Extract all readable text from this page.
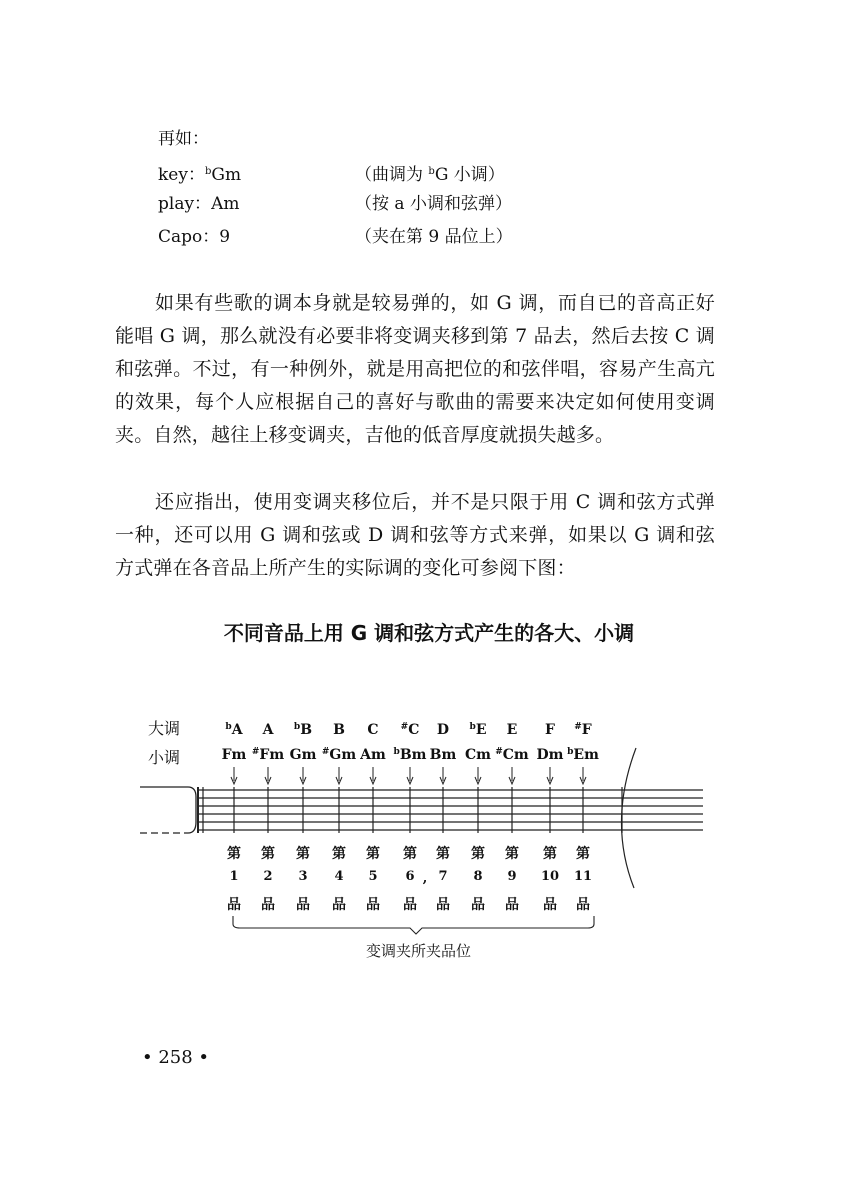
再如：
key：$^b$Gm	（曲调为 $^b$G 小调）
play：Am	（按 a 小调和弦弹）
Capo：9	（夹在第 9 品位上）
如果有些歌的调本身就是较易弹的，如 G 调，而自已的音高正好能唱 G 调，那么就没有必要非将变调夹移到第 7 品去，然后去按 C 调和弦弹。不过，有一种例外，就是用高把位的和弦伴唱，容易产生高亢的效果，每个人应根据自己的喜好与歌曲的需要来决定如何使用变调夹。自然，越往上移变调夹，吉他的低音厚度就损失越多。
还应指出，使用变调夹移位后，并不是只限于用 C 调和弦方式弹一种，还可以用 G 调和弦或 D 调和弦等方式来弹，如果以 G 调和弦方式弹在各音品上所产生的实际调的变化可参阅下图：
不同音品上用 G 调和弦方式产生的各大、小调
大调
小调
$^b$A A $^b$B B C #C D $^b$E E F #F
Fm #Fm Gm #Gm Am $^b$Bm Bm Cm #Cm Dm $^b$Em
第
1
品
第
2
品
第
3
品
第
4
品
第
5
品
第
6
品
第
7
品
第
8
品
第
9
品
第
10
品
第
11
品
,
变调夹所夹品位
• 258 •
